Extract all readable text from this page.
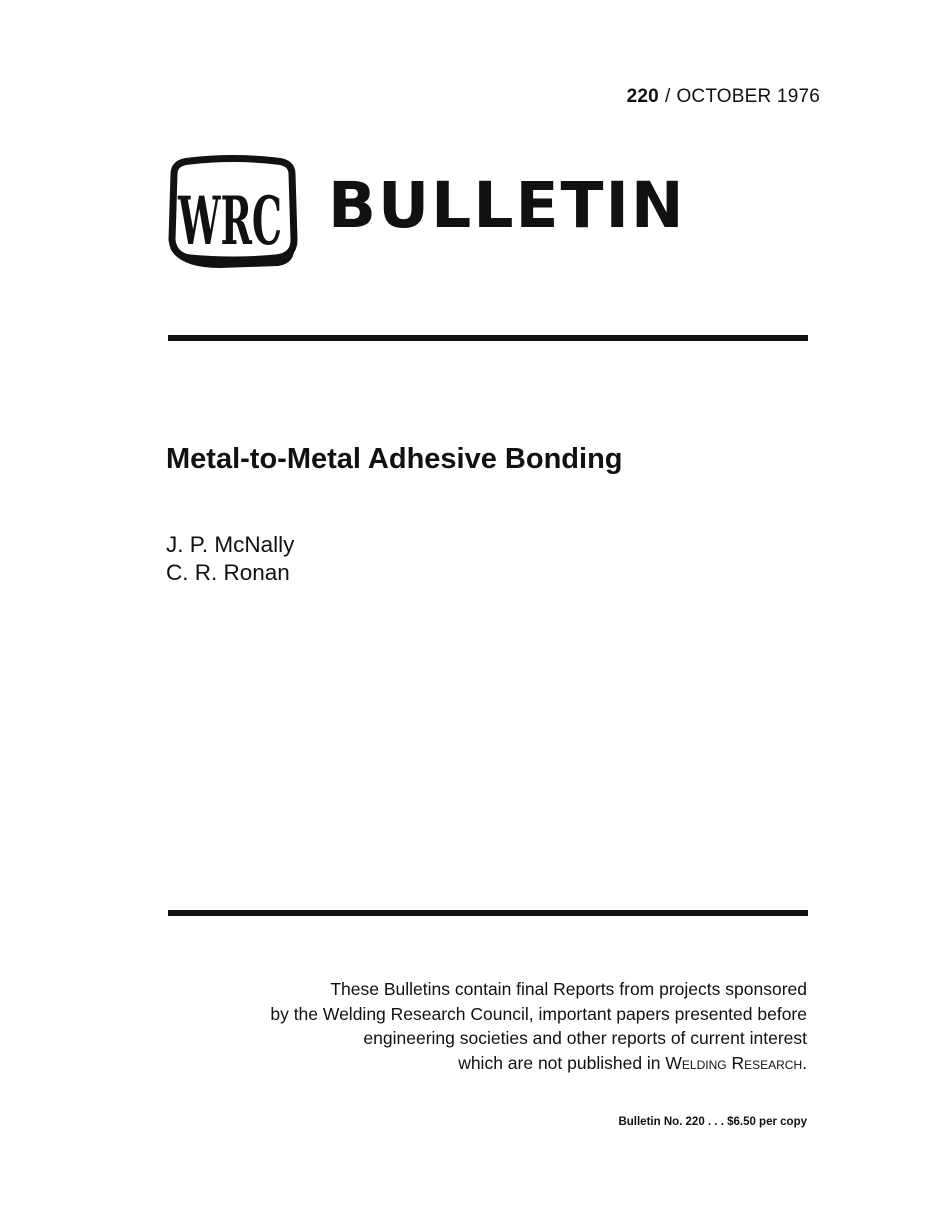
220 / OCTOBER 1976
WRC BULLETIN
Metal-to-Metal Adhesive Bonding
J. P. McNally
C. R. Ronan
These Bulletins contain final Reports from projects sponsored
by the Welding Research Council, important papers presented before
engineering societies and other reports of current interest
which are not published in Welding Research.
Bulletin No. 220 . . . $6.50 per copy
